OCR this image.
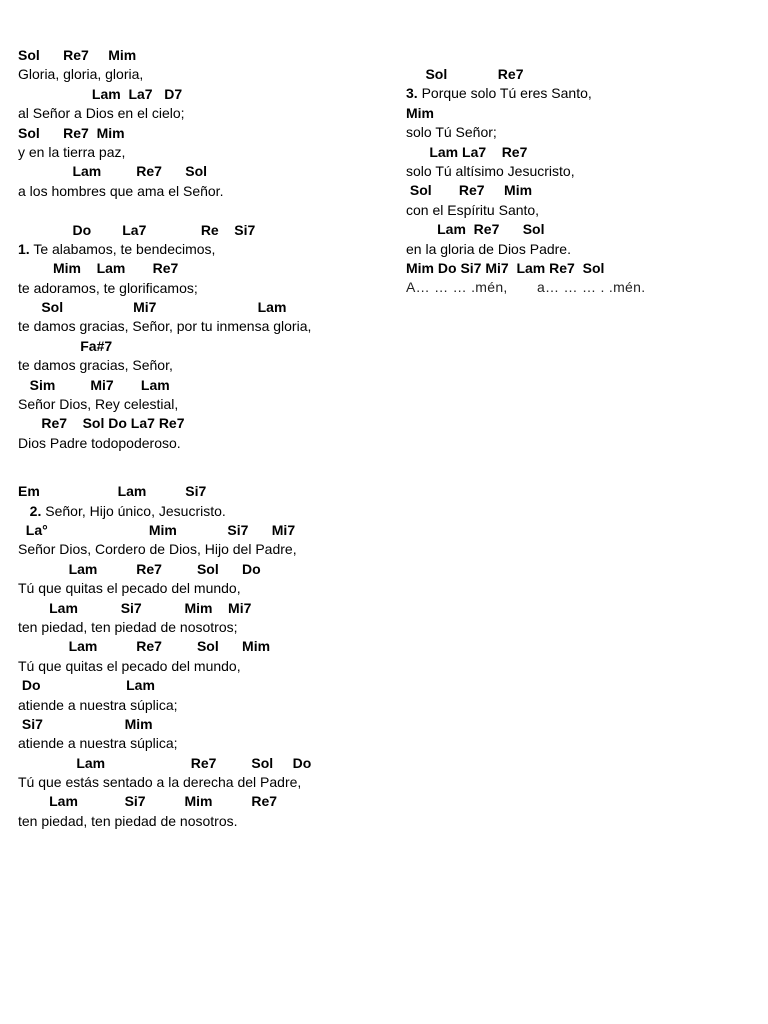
Sol      Re7     Mim
Gloria, gloria, gloria,
Lam  La7   D7
al Señor a Dios en el cielo;
Sol      Re7  Mim
y en la tierra paz,
Lam         Re7      Sol
a los hombres que ama el Señor.
Do        La7              Re    Si7
1. Te alabamos, te bendecimos,
Mim    Lam       Re7
te adoramos, te glorificamos;
Sol                  Mi7                          Lam
te damos gracias, Señor, por tu inmensa gloria,
Fa#7
te damos gracias, Señor,
Sim         Mi7       Lam
Señor Dios, Rey celestial,
Re7    Sol Do La7 Re7
Dios Padre todopoderoso.
Em                    Lam          Si7
2. Señor, Hijo único, Jesucristo.
La°                          Mim             Si7      Mi7
Señor Dios, Cordero de Dios, Hijo del Padre,
Lam          Re7         Sol      Do
Tú que quitas el pecado del mundo,
Lam           Si7           Mim    Mi7
ten piedad, ten piedad de nosotros;
Lam          Re7         Sol      Mim
Tú que quitas el pecado del mundo,
Do                      Lam
atiende a nuestra súplica;
Si7                     Mim
atiende a nuestra súplica;
Lam                      Re7         Sol     Do
Tú que estás sentado a la derecha del Padre,
Lam            Si7          Mim          Re7
ten piedad, ten piedad de nosotros.
Sol             Re7
3. Porque solo Tú eres Santo,
Mim
solo Tú Señor;
Lam La7    Re7
solo Tú altísimo Jesucristo,
Sol       Re7     Mim
con el Espíritu Santo,
Lam  Re7      Sol
en la gloria de Dios Padre.
Mim Do Si7 Mi7  Lam Re7  Sol
A… … … .mén,       a… … … . .mén.
